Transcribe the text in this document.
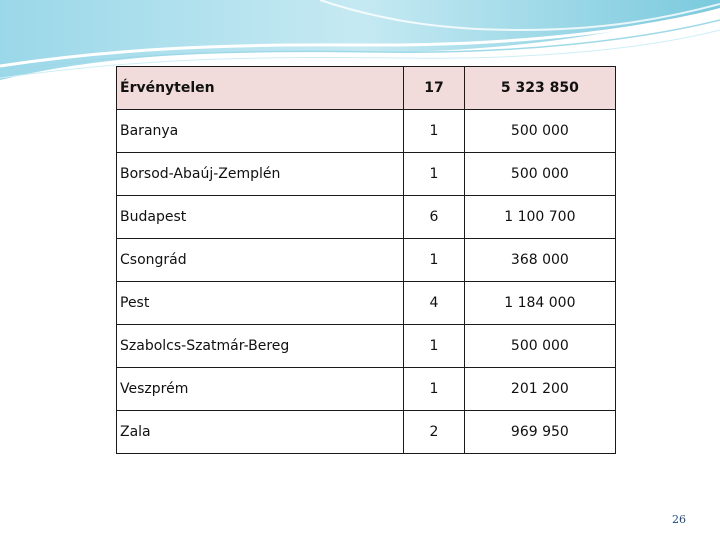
Érvénytelen	17	5 323 850
Baranya	1	500 000
Borsod-Abaúj-Zemplén	1	500 000
Budapest	6	1 100 700
Csongrád	1	368 000
Pest	4	1 184 000
Szabolcs-Szatmár-Bereg	1	500 000
Veszprém	1	201 200
Zala	2	969 950
26
